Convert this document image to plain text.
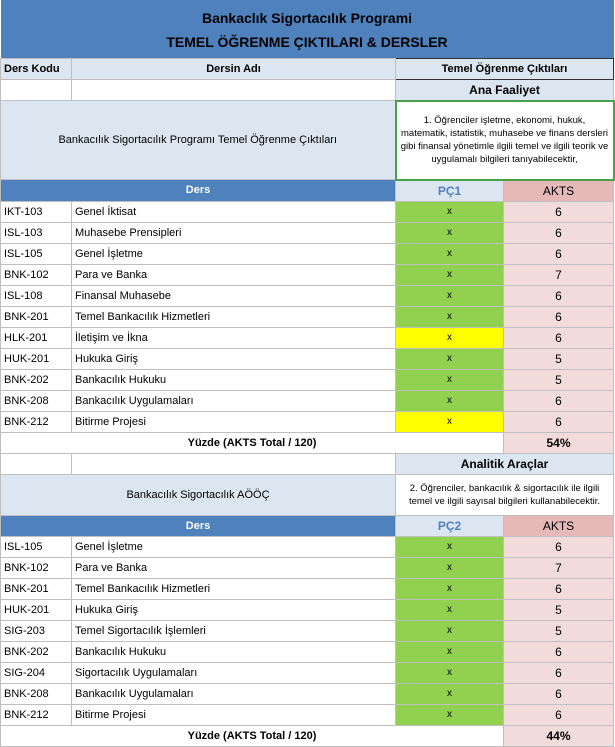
Bankaclık Sigortacılık Programi			
TEMEL ÖĞRENME ÇIKTILARI & DERSLER			
Ders Kodu	Dersin Adı	Temel Öğrenme Çıktıları	
		Ana Faaliyet	
Bankacılık Sigortacılık Programı Temel Öğrenme Çıktıları		1. Öğrenciler işletme, ekonomi, hukuk, matematik, istatistik, muhasebe ve finans dersleri gibi finansal yönetimle ilgili temel ve ilgili teorik ve uygulamalı bilgileri tanıyabilecektir,	
Ders		PÇ1	AKTS
IKT-103	Genel İktisat	x	6
ISL-103	Muhasebe Prensipleri	x	6
ISL-105	Genel İşletme	x	6
BNK-102	Para ve Banka	x	7
ISL-108	Finansal Muhasebe	x	6
BNK-201	Temel Bankacılık Hizmetleri	x	6
HLK-201	İletişim ve İkna	x	6
HUK-201	Hukuka Giriş	x	5
BNK-202	Bankacılık Hukuku	x	5
BNK-208	Bankacılık Uygulamaları	x	6
BNK-212	Bitirme Projesi	x	6
Yüzde (AKTS Total / 120)			54%
		Analitik Araçlar	
Bankacılık Sigortacılık AÖÖÇ		2. Öğrenciler, bankacılık & sigortacılık ile ilgili temel ve ilgili sayısal bilgileri kullanabilecektir.	
Ders		PÇ2	AKTS
ISL-105	Genel İşletme	x	6
BNK-102	Para ve Banka	x	7
BNK-201	Temel Bankacılık Hizmetleri	x	6
HUK-201	Hukuka Giriş	x	5
SIG-203	Temel Sigortacılık İşlemleri	x	5
BNK-202	Bankacılık Hukuku	x	6
SIG-204	Sigortacılık Uygulamaları	x	6
BNK-208	Bankacılık Uygulamaları	x	6
BNK-212	Bitirme Projesi	x	6
Yüzde (AKTS Total / 120)			44%
